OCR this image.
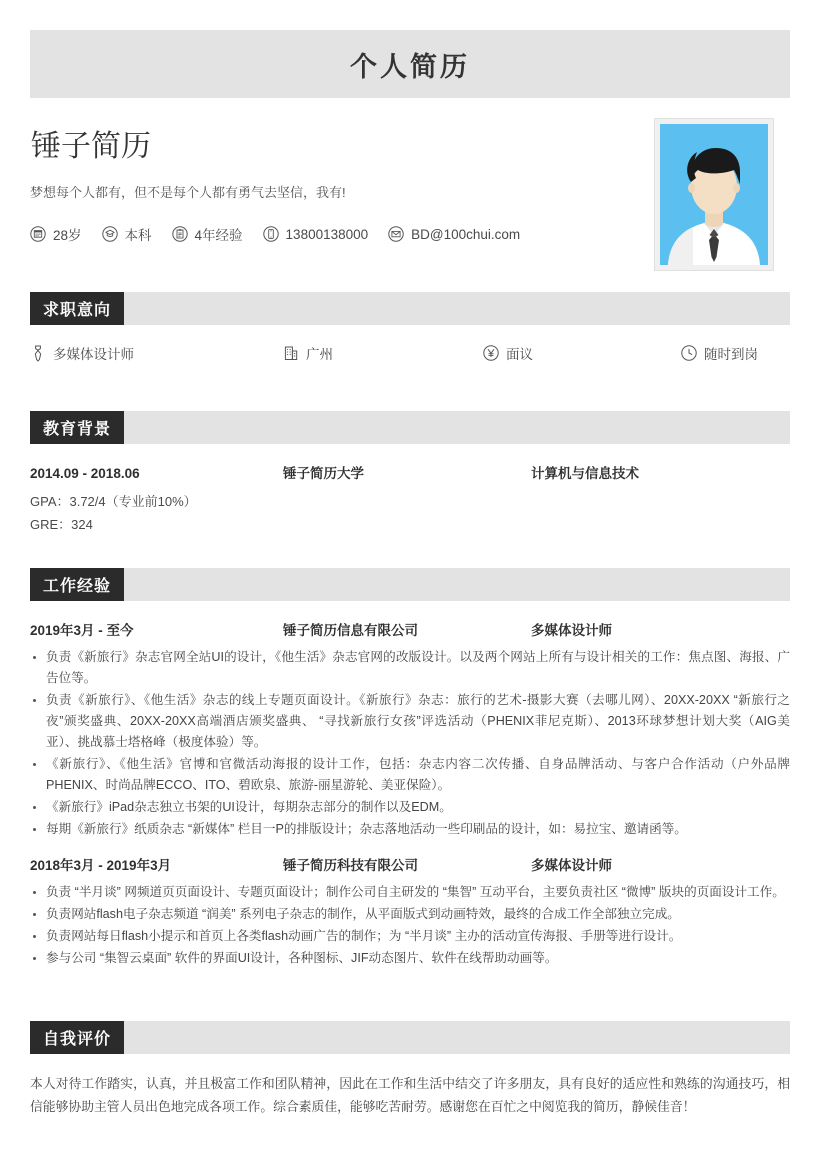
个人简历
锤子简历
梦想每个人都有，但不是每个人都有勇气去坚信，我有!
28岁	本科	4年经验	13800138000	BD@100chui.com
求职意向
多媒体设计师	广州	面议	随时到岗
教育背景
2014.09 - 2018.06	锤子简历大学	计算机与信息技术
GPA：3.72/4（专业前10%）
GRE：324
工作经验
2019年3月 - 至今	锤子简历信息有限公司	多媒体设计师
负责《新旅行》杂志官网全站UI的设计，《他生活》杂志官网的改版设计。以及两个网站上所有与设计相关的工作：焦点图、海报、广告位等。
负责《新旅行》、《他生活》杂志的线上专题页面设计。《新旅行》杂志：旅行的艺术-摄影大赛（去哪儿网）、20XX-20XX “新旅行之夜”颁奖盛典、20XX-20XX高端酒店颁奖盛典、 “寻找新旅行女孩”评选活动（PHENIX菲尼克斯）、2013环球梦想计划大奖（AIG美亚）、挑战慕士塔格峰（极度体验）等。
《新旅行》、《他生活》官博和官微活动海报的设计工作，包括：杂志内容二次传播、自身品牌活动、与客户合作活动（户外品牌PHENIX、时尚品牌ECCO、ITO、碧欧泉、旅游-丽星游轮、美亚保险）。
《新旅行》iPad杂志独立书架的UI设计，每期杂志部分的制作以及EDM。
每期《新旅行》纸质杂志 “新媒体” 栏目一P的排版设计；杂志落地活动一些印刷品的设计，如：易拉宝、邀请函等。
2018年3月 - 2019年3月	锤子简历科技有限公司	多媒体设计师
负责 “半月谈” 网频道页页面设计、专题页面设计；制作公司自主研发的 “集智” 互动平台，主要负责社区 “微博” 版块的页面设计工作。
负责网站flash电子杂志频道 “润美” 系列电子杂志的制作，从平面版式到动画特效，最终的合成工作全部独立完成。
负责网站每日flash小提示和首页上各类flash动画广告的制作；为 “半月谈” 主办的活动宣传海报、手册等进行设计。
参与公司 “集智云桌面” 软件的界面UI设计，各种图标、JIF动态图片、软件在线帮助动画等。
自我评价
本人对待工作踏实，认真，并且极富工作和团队精神，因此在工作和生活中结交了许多朋友，具有良好的适应性和熟练的沟通技巧，相信能够协助主管人员出色地完成各项工作。综合素质佳，能够吃苦耐劳。感谢您在百忙之中阅览我的简历，静候佳音！
